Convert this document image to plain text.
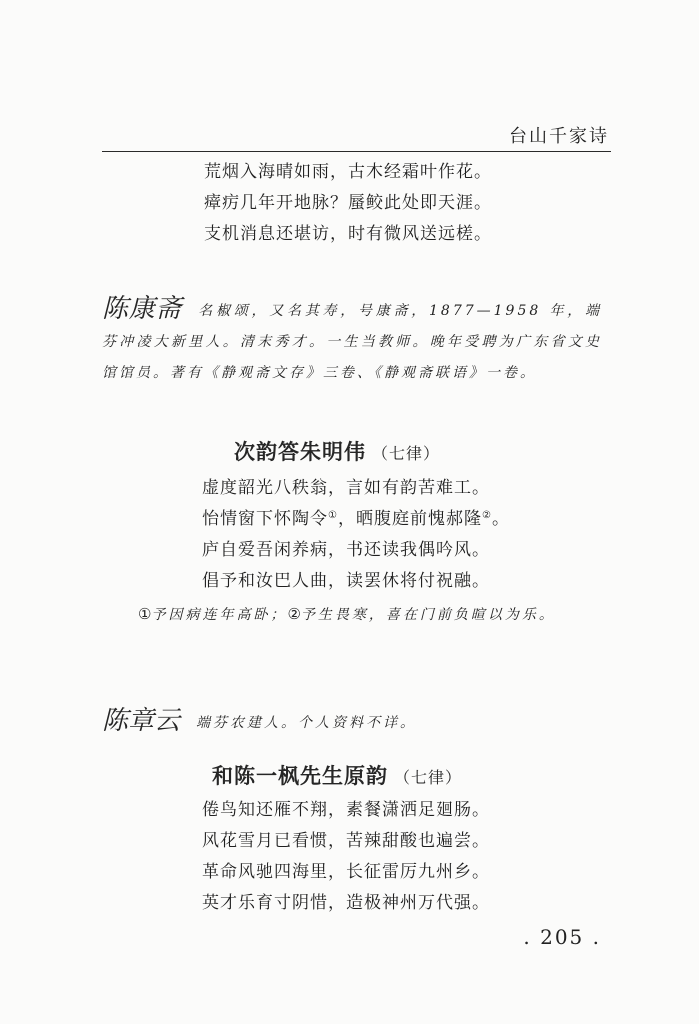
台山千家诗
荒烟入海晴如雨，古木经霜叶作花。
瘴疠几年开地脉？蜃鲛此处即天涯。
支机消息还堪访，时有微风送远槎。
陈康斋 名椒颂，又名其寿，号康斋，1877—1958 年，端芬冲凌大新里人。清末秀才。一生当教师。晚年受聘为广东省文史馆馆员。著有《静观斋文存》三卷、《静观斋联语》一卷。
次韵答朱明伟 （七律）
虚度韶光八秩翁，言如有韵苦难工。
怡情窗下怀陶令①，晒腹庭前愧郝隆②。
庐自爱吾闲养病，书还读我偶吟风。
倡予和汝巴人曲，读罢休将付祝融。
①予因病连年高卧；②予生畏寒，喜在门前负暄以为乐。
陈章云 端芬农建人。个人资料不详。
和陈一枫先生原韵 （七律）
倦鸟知还雁不翔，素餐潇洒足廻肠。
风花雪月已看惯，苦辣甜酸也遍尝。
革命风驰四海里，长征雷厉九州乡。
英才乐育寸阴惜，造极神州万代强。
. 205 .
